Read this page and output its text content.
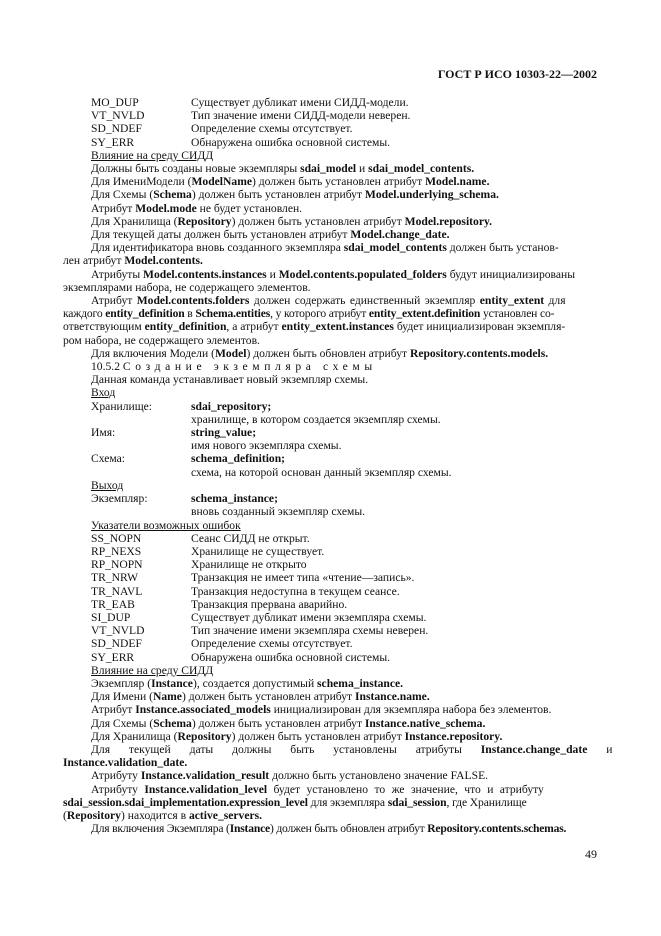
ГОСТ Р ИСО 10303-22—2002
MO_DUP	Существует дубликат имени СИДД-модели.
VT_NVLD	Тип значение имени СИДД-модели неверен.
SD_NDEF	Определение схемы отсутствует.
SY_ERR	Обнаружена ошибка основной системы.
Влияние на среду СИДД
Должны быть созданы новые экземпляры sdai_model и sdai_model_contents.
Для ИмениМодели (ModelName) должен быть установлен атрибут Model.name.
Для Схемы (Schema) должен быть установлен атрибут Model.underlying_schema.
Атрибут Model.mode не будет установлен.
Для Хранилища (Repository) должен быть установлен атрибут Model.repository.
Для текущей даты должен быть установлен атрибут Model.change_date.
Для идентификатора вновь созданного экземпляра sdai_model_contents должен быть установ-
лен атрибут Model.contents.
Атрибуты Model.contents.instances и Model.contents.populated_folders будут инициализированы
экземплярами набора, не содержащего элементов.
Атрибут Model.contents.folders должен содержать единственный экземпляр entity_extent для
каждого entity_definition в Schema.entities, у которого атрибут entity_extent.definition установлен со-
ответствующим entity_definition, а атрибут entity_extent.instances будет инициализирован экземпля-
ром набора, не содержащего элементов.
Для включения Модели (Model) должен быть обновлен атрибут Repository.contents.models.
10.5.2 Создание экземпляра схемы
Данная команда устанавливает новый экземпляр схемы.
Вход
Хранилище:	sdai_repository;
хранилище, в котором создается экземпляр схемы.
Имя:	string_value;
имя нового экземпляра схемы.
Схема:	schema_definition;
схема, на которой основан данный экземпляр схемы.
Выход
Экземпляр:	schema_instance;
вновь созданный экземпляр схемы.
Указатели возможных ошибок
SS_NOPN	Сеанс СИДД не открыт.
RP_NEXS	Хранилище не существует.
RP_NOPN	Хранилище не открыто
TR_NRW	Транзакция не имеет типа «чтение—запись».
TR_NAVL	Транзакция недоступна в текущем сеансе.
TR_EAB	Транзакция прервана аварийно.
SI_DUP	Существует дубликат имени экземпляра схемы.
VT_NVLD	Тип значение имени экземпляра схемы неверен.
SD_NDEF	Определение схемы отсутствует.
SY_ERR	Обнаружена ошибка основной системы.
Влияние на среду СИДД
Экземпляр (Instance), создается допустимый schema_instance.
Для Имени (Name) должен быть установлен атрибут Instance.name.
Атрибут Instance.associated_models инициализирован для экземпляра набора без элементов.
Для Схемы (Schema) должен быть установлен атрибут Instance.native_schema.
Для Хранилища (Repository) должен быть установлен атрибут Instance.repository.
Для текущей даты должны быть установлены атрибуты Instance.change_date и
Instance.validation_date.
Атрибуту Instance.validation_result должно быть установлено значение FALSE.
Атрибуту Instance.validation_level будет установлено то же значение, что и атрибуту
sdai_session.sdai_implementation.expression_level для экземпляра sdai_session, где Хранилище
(Repository) находится в active_servers.
Для включения Экземпляра (Instance) должен быть обновлен атрибут Repository.contents.schemas.
49
